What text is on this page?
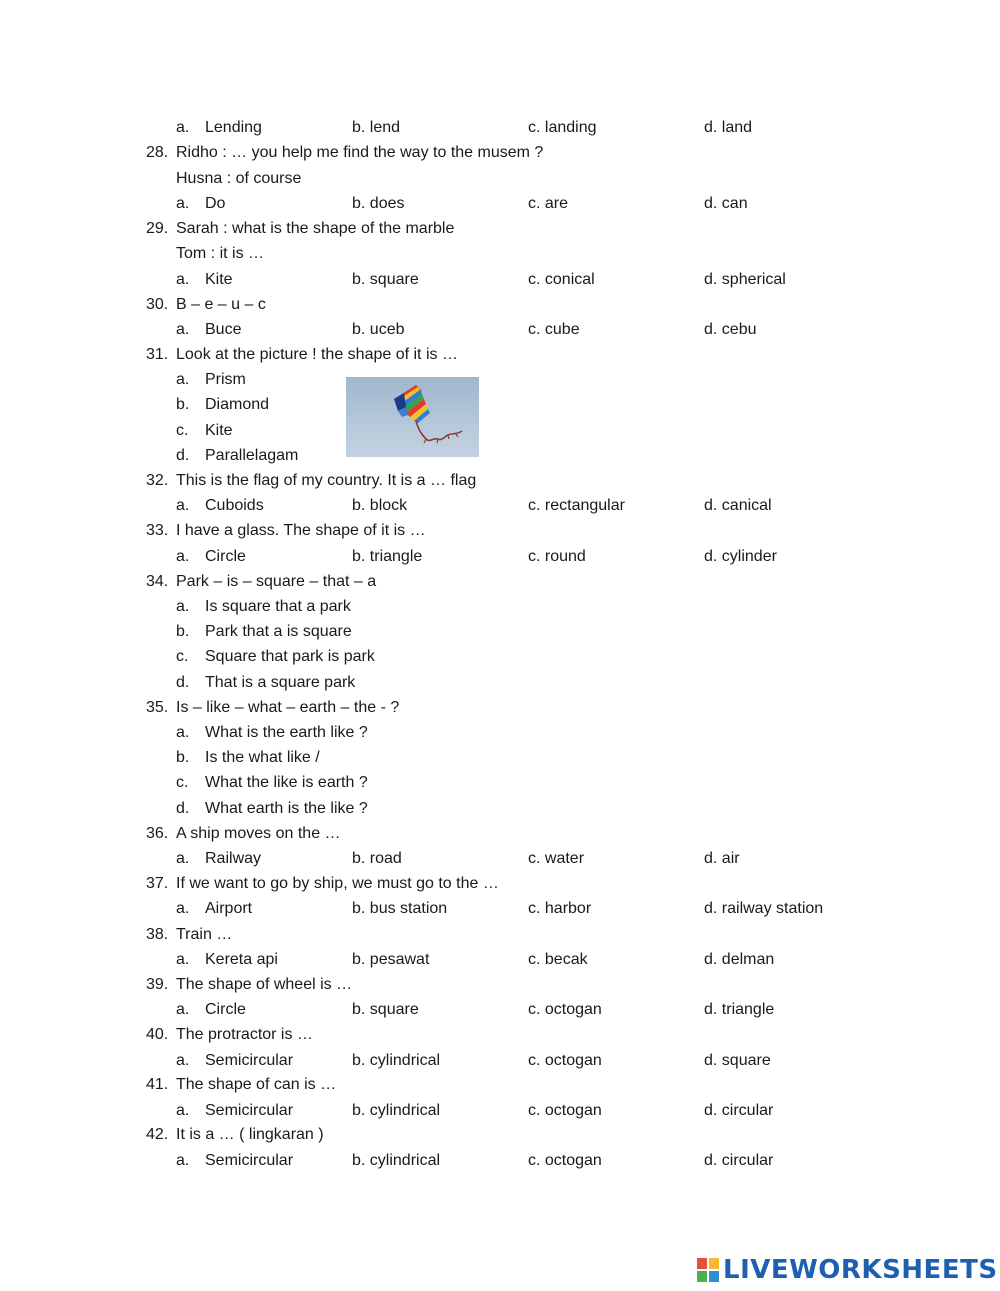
a. Lending	b. lend	c. landing	d. land
28. Ridho : … you help me find the way to the musem ?
Husna : of course
a. Do	b. does	c. are	d. can
29. Sarah : what is the shape of the marble
Tom : it is …
a. Kite	b. square	c. conical	d. spherical
30. B – e – u – c
a. Buce	b. uceb	c. cube	d. cebu
31. Look at the picture ! the shape of it is …
a. Prism
b. Diamond
c. Kite
d. Parallelagam
32. This is the flag of my country. It is a … flag
a. Cuboids	b. block	c. rectangular	d. canical
33. I have a glass. The shape of it is …
a. Circle	b. triangle	c. round	d. cylinder
34. Park – is – square – that – a
a. Is square that a park
b. Park that a is square
c. Square that park is park
d. That is a square park
35. Is – like – what – earth – the - ?
a. What is the earth like ?
b. Is the what like /
c. What the like is earth ?
d. What earth is the like ?
36. A ship moves on the …
a. Railway	b. road	c. water	d. air
37. If we want to go by ship, we must go to the …
a. Airport	b. bus station	c. harbor	d. railway station
38. Train …
a. Kereta api	b. pesawat	c. becak	d. delman
39. The shape of wheel is …
a. Circle	b. square	c. octogan	d. triangle
40. The protractor is …
a. Semicircular	b. cylindrical	c. octogan	d. square
41. The shape of can is …
a. Semicircular	b. cylindrical	c. octogan	d. circular
42. It is a … ( lingkaran )
a. Semicircular	b. cylindrical	c. octogan	d. circular
LIVEWORKSHEETS
